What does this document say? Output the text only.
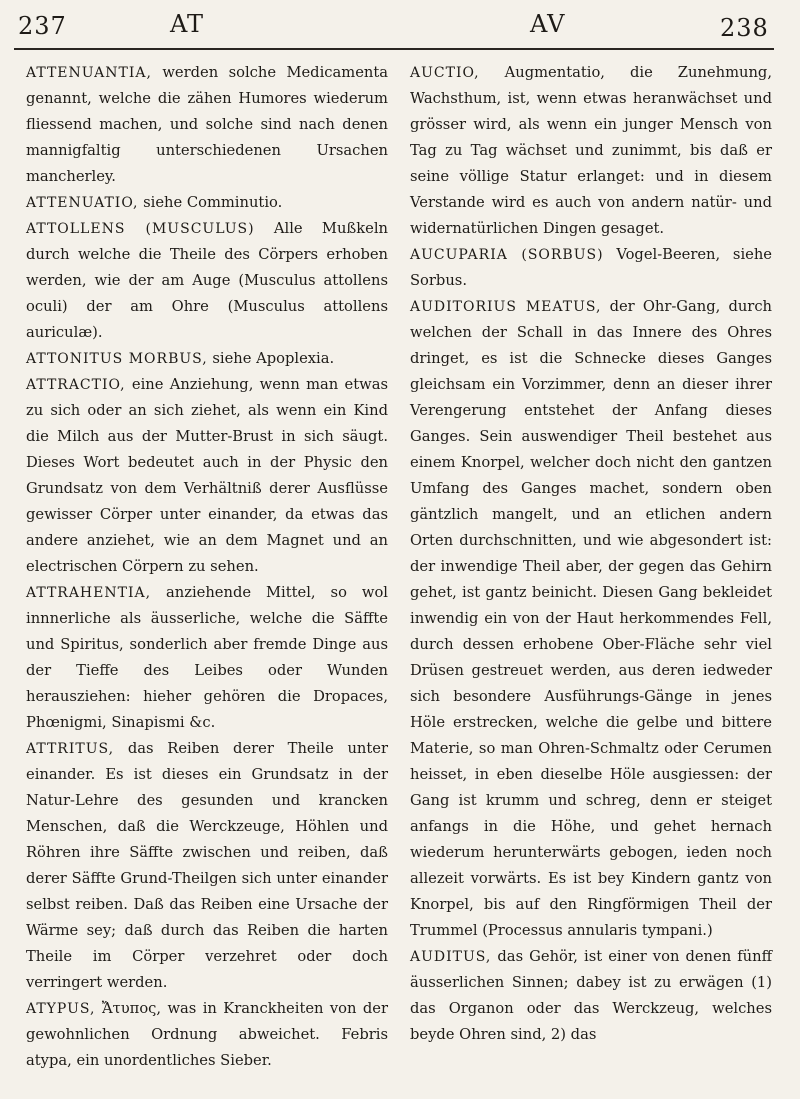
237	AT	AV	238

ATTENUANTIA, werden solche Medicamenta genannt, welche die zähen Humores wiederum fliessend machen, und solche sind nach denen mannigfaltig unterschiedenen Ursachen mancherley.

ATTENUATIO, siehe Comminutio.

ATTOLLENS (MUSCULUS) Alle Mußkeln durch welche die Theile des Cörpers erhoben werden, wie der am Auge (Musculus attollens oculi) der am Ohre (Musculus attollens auriculæ).

ATTONITUS MORBUS, siehe Apoplexia.

ATTRACTIO, eine Anziehung, wenn man etwas zu sich oder an sich ziehet, als wenn ein Kind die Milch aus der Mutter-Brust in sich säugt. Dieses Wort bedeutet auch in der Physic den Grundsatz von dem Verhältniß derer Ausflüsse gewisser Cörper unter einander, da etwas das andere anziehet, wie an dem Magnet und an electrischen Cörpern zu sehen.

ATTRAHENTIA, anziehende Mittel, so wol innnerliche als äusserliche, welche die Säffte und Spiritus, sonderlich aber fremde Dinge aus der Tieffe des Leibes oder Wunden herausziehen: hieher gehören die Dropaces, Phœnigmi, Sinapismi &c.

ATTRITUS, das Reiben derer Theile unter einander. Es ist dieses ein Grundsatz in der Natur-Lehre des gesunden und krancken Menschen, daß die Werckzeuge, Höhlen und Röhren ihre Säffte zwischen und reiben, daß derer Säffte Grund-Theilgen sich unter einander selbst reiben. Daß das Reiben eine Ursache der Wärme sey; daß durch das Reiben die harten Theile im Cörper verzehret oder doch verringert werden.

ATYPUS, Ἄτυπος, was in Kranckheiten von der gewohnlichen Ordnung abweichet. Febris atypa, ein unordentliches Sieber.

AUCTIO, Augmentatio, die Zunehmung, Wachsthum, ist, wenn etwas heranwächset und grösser wird, als wenn ein junger Mensch von Tag zu Tag wächset und zunimmt, bis daß er seine völlige Statur erlanget: und in diesem Verstande wird es auch von andern natür- und widernatürlichen Dingen gesaget.

AUCUPARIA (SORBUS) Vogel-Beeren, siehe Sorbus.

AUDITORIUS MEATUS, der Ohr-Gang, durch welchen der Schall in das Innere des Ohres dringet, es ist die Schnecke dieses Ganges gleichsam ein Vorzimmer, denn an dieser ihrer Verengerung entstehet der Anfang dieses Ganges. Sein auswendiger Theil bestehet aus einem Knorpel, welcher doch nicht den gantzen Umfang des Ganges machet, sondern oben gäntzlich mangelt, und an etlichen andern Orten durchschnitten, und wie abgesondert ist: der inwendige Theil aber, der gegen das Gehirn gehet, ist gantz beinicht. Diesen Gang bekleidet inwendig ein von der Haut herkommendes Fell, durch dessen erhobene Ober-Fläche sehr viel Drüsen gestreuet werden, aus deren iedweder sich besondere Ausführungs-Gänge in jenes Höle erstrecken, welche die gelbe und bittere Materie, so man Ohren-Schmaltz oder Cerumen heisset, in eben dieselbe Höle ausgiessen: der Gang ist krumm und schreg, denn er steiget anfangs in die Höhe, und gehet hernach wiederum herunterwärts gebogen, ieden noch allezeit vorwärts. Es ist bey Kindern gantz von Knorpel, bis auf den Ringförmigen Theil der Trummel (Processus annularis tympani.)

AUDITUS, das Gehör, ist einer von denen fünff äusserlichen Sinnen; dabey ist zu erwägen (1) das Organon oder das Werckzeug, welches beyde Ohren sind, 2) das
